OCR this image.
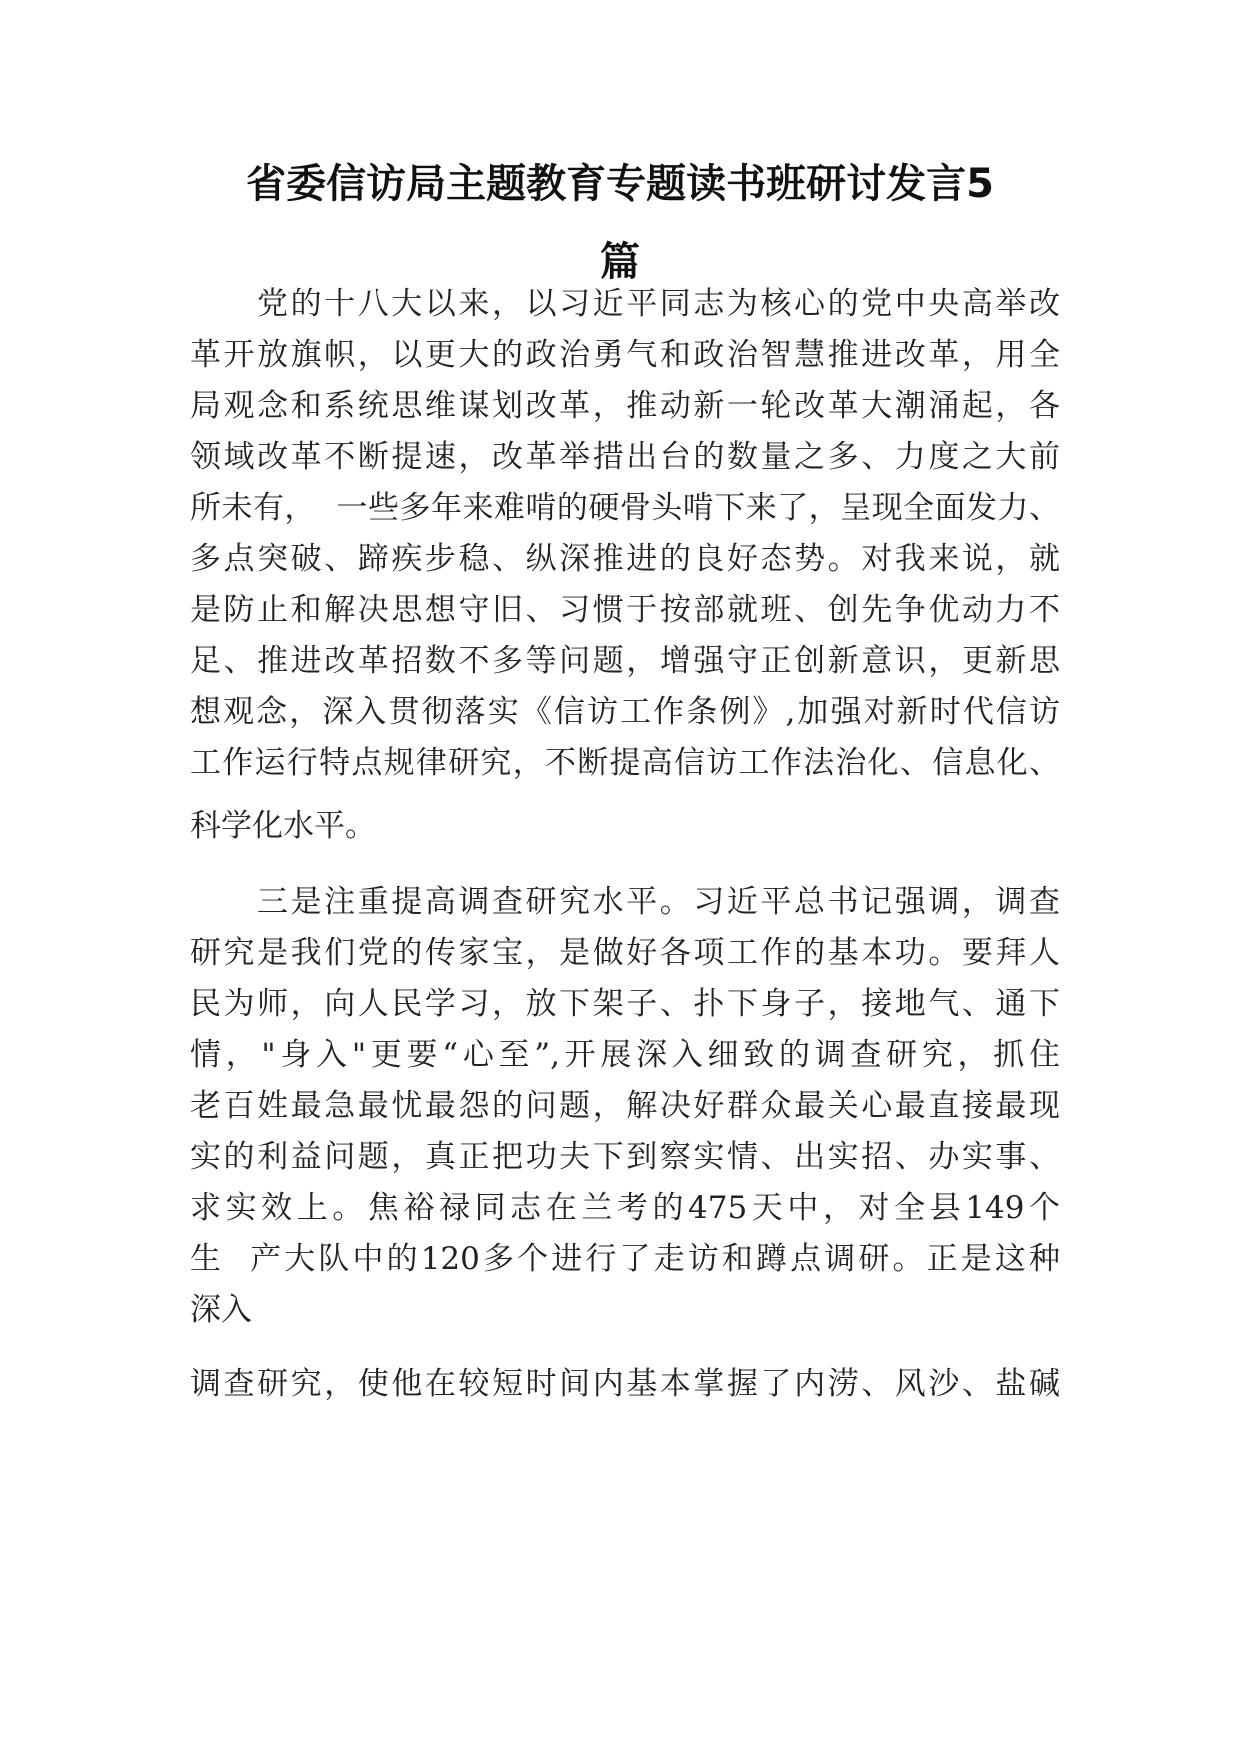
省委信访局主题教育专题读书班研讨发言5
篇

党的十八大以来，以习近平同志为核心的党中央高举改

革开放旗帜，以更大的政治勇气和政治智慧推进改革，用全

局观念和系统思维谋划改革，推动新一轮改革大潮涌起，各

领域改革不断提速，改革举措出台的数量之多、力度之大前

所未有，  一些多年来难啃的硬骨头啃下来了，呈现全面发力、

多点突破、蹄疾步稳、纵深推进的良好态势。对我来说，就

是防止和解决思想守旧、习惯于按部就班、创先争优动力不

足、推进改革招数不多等问题，增强守正创新意识，更新思

想观念，深入贯彻落实《信访工作条例》,加强对新时代信访

工作运行特点规律研究，不断提高信访工作法治化、信息化、

科学化水平。

三是注重提高调查研究水平。习近平总书记强调，调查

研究是我们党的传家宝，是做好各项工作的基本功。要拜人

民为师，向人民学习，放下架子、扑下身子，接地气、通下

情，"身入"更要“心至”,开展深入细致的调查研究，抓住

老百姓最急最忧最怨的问题，解决好群众最关心最直接最现

实的利益问题，真正把功夫下到察实情、出实招、办实事、

求实效上。焦裕禄同志在兰考的475天中，对全县149个

生  产大队中的120多个进行了走访和蹲点调研。正是这种

深入

调查研究，使他在较短时间内基本掌握了内涝、风沙、盐碱
